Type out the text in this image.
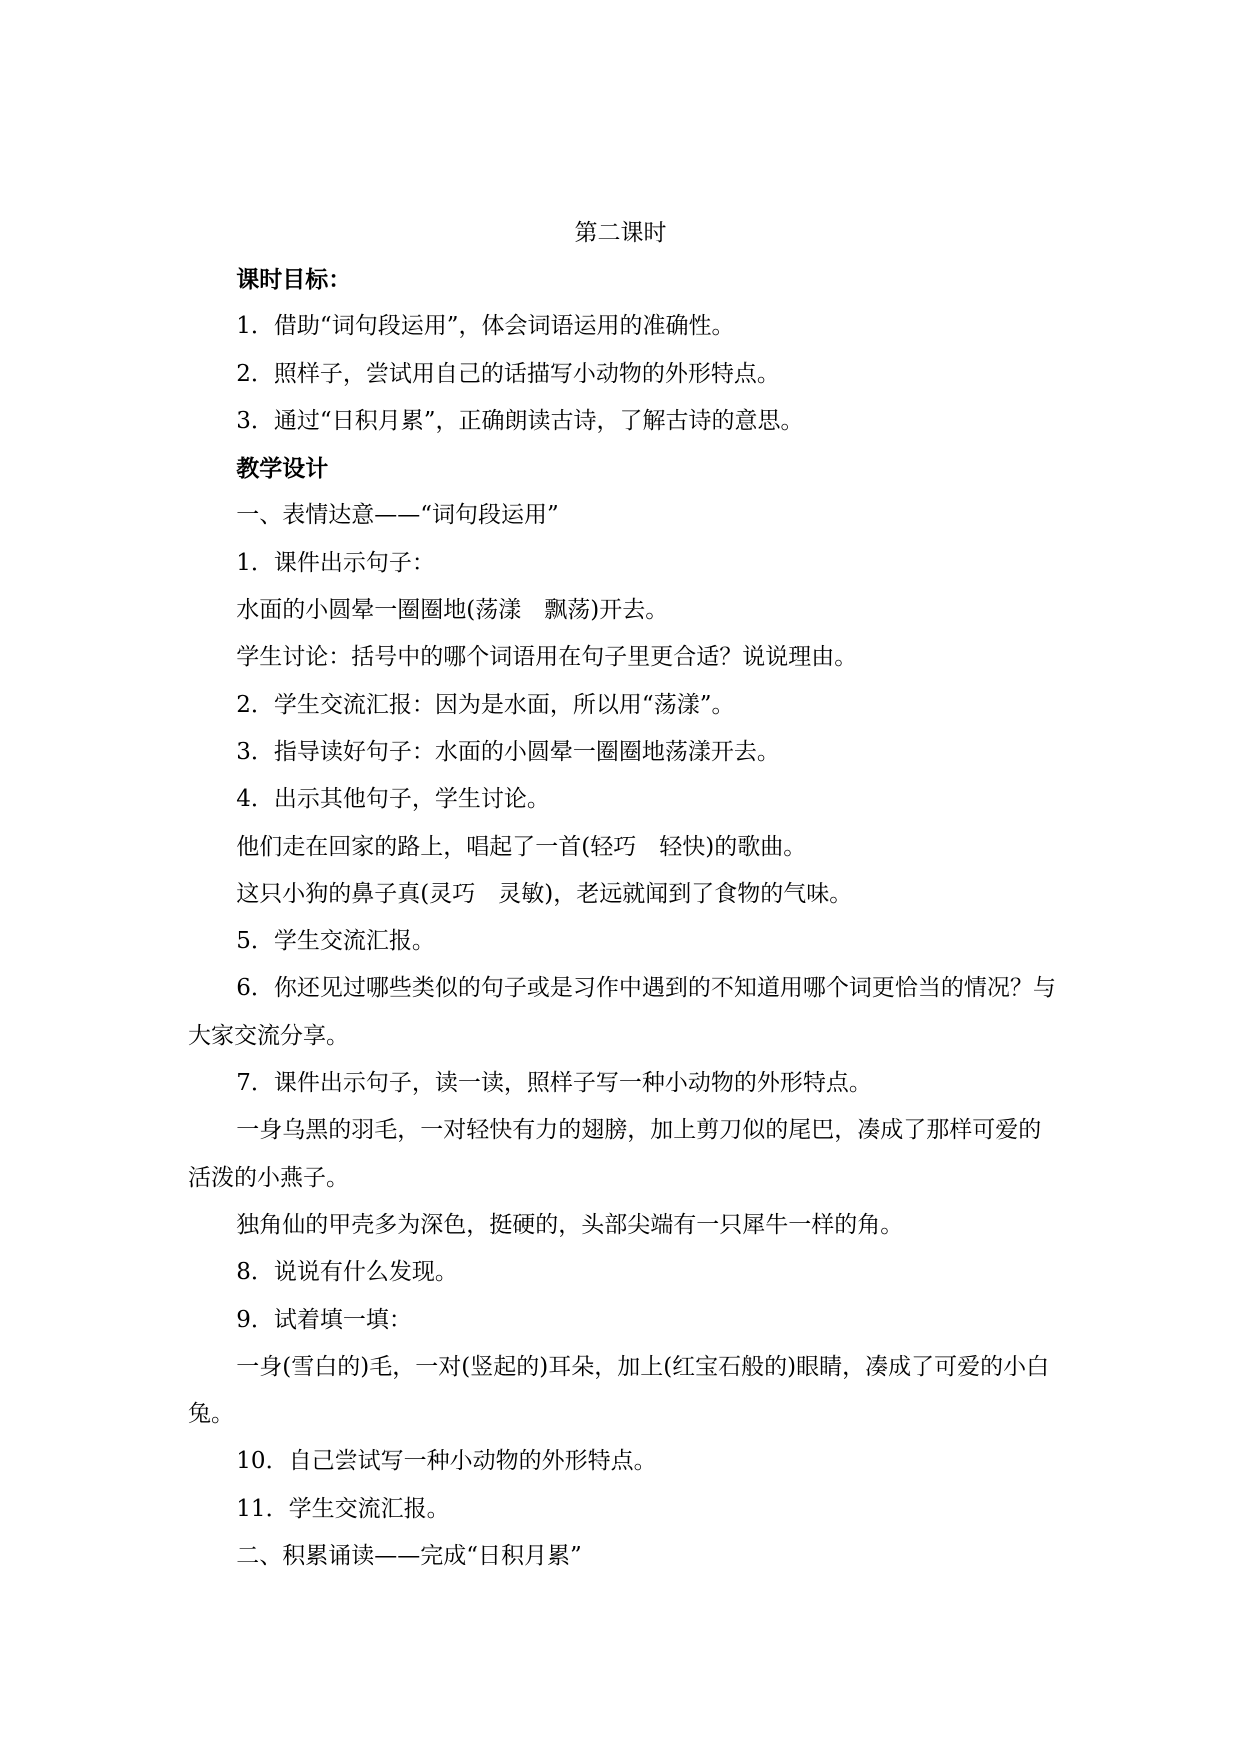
第二课时

课时目标：

1．借助“词句段运用”，体会词语运用的准确性。

2．照样子，尝试用自己的话描写小动物的外形特点。

3．通过“日积月累”，正确朗读古诗，了解古诗的意思。

教学设计

一、表情达意——“词句段运用”

1．课件出示句子：

水面的小圆晕一圈圈地(荡漾　飘荡)开去。

学生讨论：括号中的哪个词语用在句子里更合适？说说理由。

2．学生交流汇报：因为是水面，所以用“荡漾”。

3．指导读好句子：水面的小圆晕一圈圈地荡漾开去。

4．出示其他句子，学生讨论。

他们走在回家的路上，唱起了一首(轻巧　轻快)的歌曲。

这只小狗的鼻子真(灵巧　灵敏)，老远就闻到了食物的气味。

5．学生交流汇报。

6．你还见过哪些类似的句子或是习作中遇到的不知道用哪个词更恰当的情况？与大家交流分享。

7．课件出示句子，读一读，照样子写一种小动物的外形特点。

一身乌黑的羽毛，一对轻快有力的翅膀，加上剪刀似的尾巴，凑成了那样可爱的活泼的小燕子。

独角仙的甲壳多为深色，挺硬的，头部尖端有一只犀牛一样的角。

8．说说有什么发现。

9．试着填一填：

一身(雪白的)毛，一对(竖起的)耳朵，加上(红宝石般的)眼睛，凑成了可爱的小白兔。

10．自己尝试写一种小动物的外形特点。

11．学生交流汇报。

二、积累诵读——完成“日积月累”
